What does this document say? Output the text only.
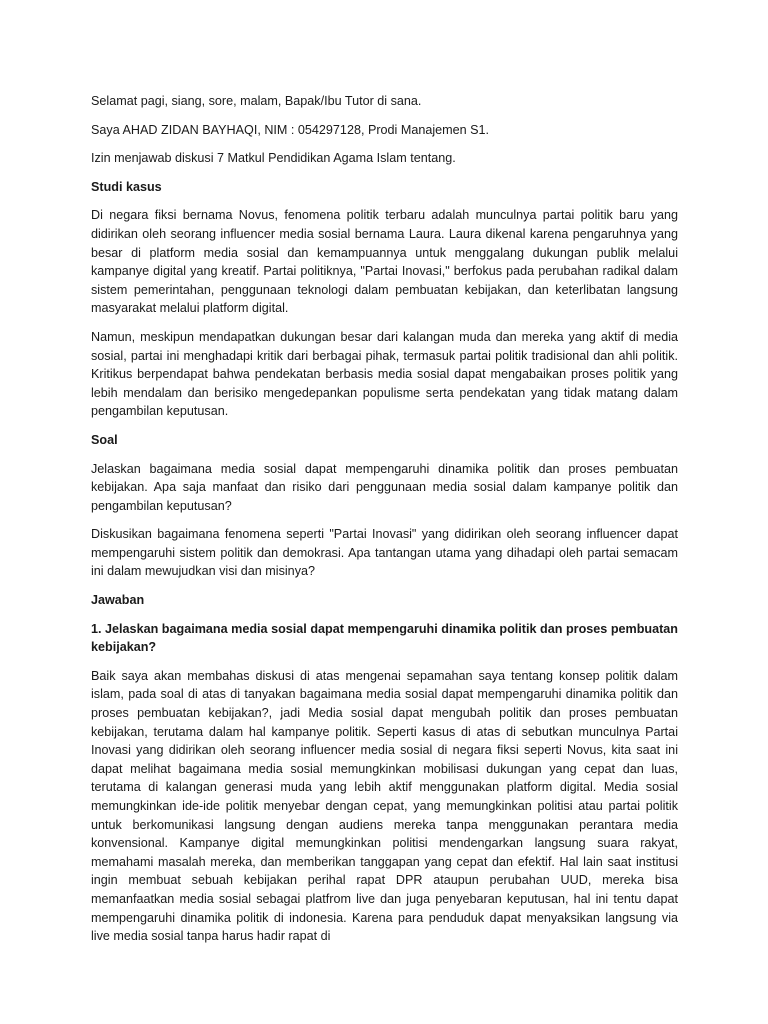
Selamat pagi, siang, sore, malam, Bapak/Ibu Tutor di sana.

Saya AHAD ZIDAN BAYHAQI, NIM : 054297128, Prodi Manajemen S1.

Izin menjawab diskusi 7 Matkul Pendidikan Agama Islam tentang.

Studi kasus

Di negara fiksi bernama Novus, fenomena politik terbaru adalah munculnya partai politik baru yang didirikan oleh seorang influencer media sosial bernama Laura. Laura dikenal karena pengaruhnya yang besar di platform media sosial dan kemampuannya untuk menggalang dukungan publik melalui kampanye digital yang kreatif. Partai politiknya, "Partai Inovasi," berfokus pada perubahan radikal dalam sistem pemerintahan, penggunaan teknologi dalam pembuatan kebijakan, dan keterlibatan langsung masyarakat melalui platform digital.

Namun, meskipun mendapatkan dukungan besar dari kalangan muda dan mereka yang aktif di media sosial, partai ini menghadapi kritik dari berbagai pihak, termasuk partai politik tradisional dan ahli politik. Kritikus berpendapat bahwa pendekatan berbasis media sosial dapat mengabaikan proses politik yang lebih mendalam dan berisiko mengedepankan populisme serta pendekatan yang tidak matang dalam pengambilan keputusan.

Soal

Jelaskan bagaimana media sosial dapat mempengaruhi dinamika politik dan proses pembuatan kebijakan. Apa saja manfaat dan risiko dari penggunaan media sosial dalam kampanye politik dan pengambilan keputusan?

Diskusikan bagaimana fenomena seperti "Partai Inovasi" yang didirikan oleh seorang influencer dapat mempengaruhi sistem politik dan demokrasi. Apa tantangan utama yang dihadapi oleh partai semacam ini dalam mewujudkan visi dan misinya?

Jawaban

1. Jelaskan bagaimana media sosial dapat mempengaruhi dinamika politik dan proses pembuatan kebijakan?

Baik saya akan membahas diskusi di atas mengenai sepamahan saya tentang konsep politik dalam islam, pada soal di atas di tanyakan bagaimana media sosial dapat mempengaruhi dinamika politik dan proses pembuatan kebijakan?, jadi Media sosial dapat mengubah politik dan proses pembuatan kebijakan, terutama dalam hal kampanye politik. Seperti kasus di atas di sebutkan munculnya Partai Inovasi yang didirikan oleh seorang influencer media sosial di negara fiksi seperti Novus, kita saat ini dapat melihat bagaimana media sosial memungkinkan mobilisasi dukungan yang cepat dan luas, terutama di kalangan generasi muda yang lebih aktif menggunakan platform digital. Media sosial memungkinkan ide-ide politik menyebar dengan cepat, yang memungkinkan politisi atau partai politik untuk berkomunikasi langsung dengan audiens mereka tanpa menggunakan perantara media konvensional. Kampanye digital memungkinkan politisi mendengarkan langsung suara rakyat, memahami masalah mereka, dan memberikan tanggapan yang cepat dan efektif. Hal lain saat institusi ingin membuat sebuah kebijakan perihal rapat DPR ataupun perubahan UUD, mereka bisa memanfaatkan media sosial sebagai platfrom live dan juga penyebaran keputusan, hal ini tentu dapat mempengaruhi dinamika politik di indonesia. Karena para penduduk dapat menyaksikan langsung via live media sosial tanpa harus hadir rapat di
